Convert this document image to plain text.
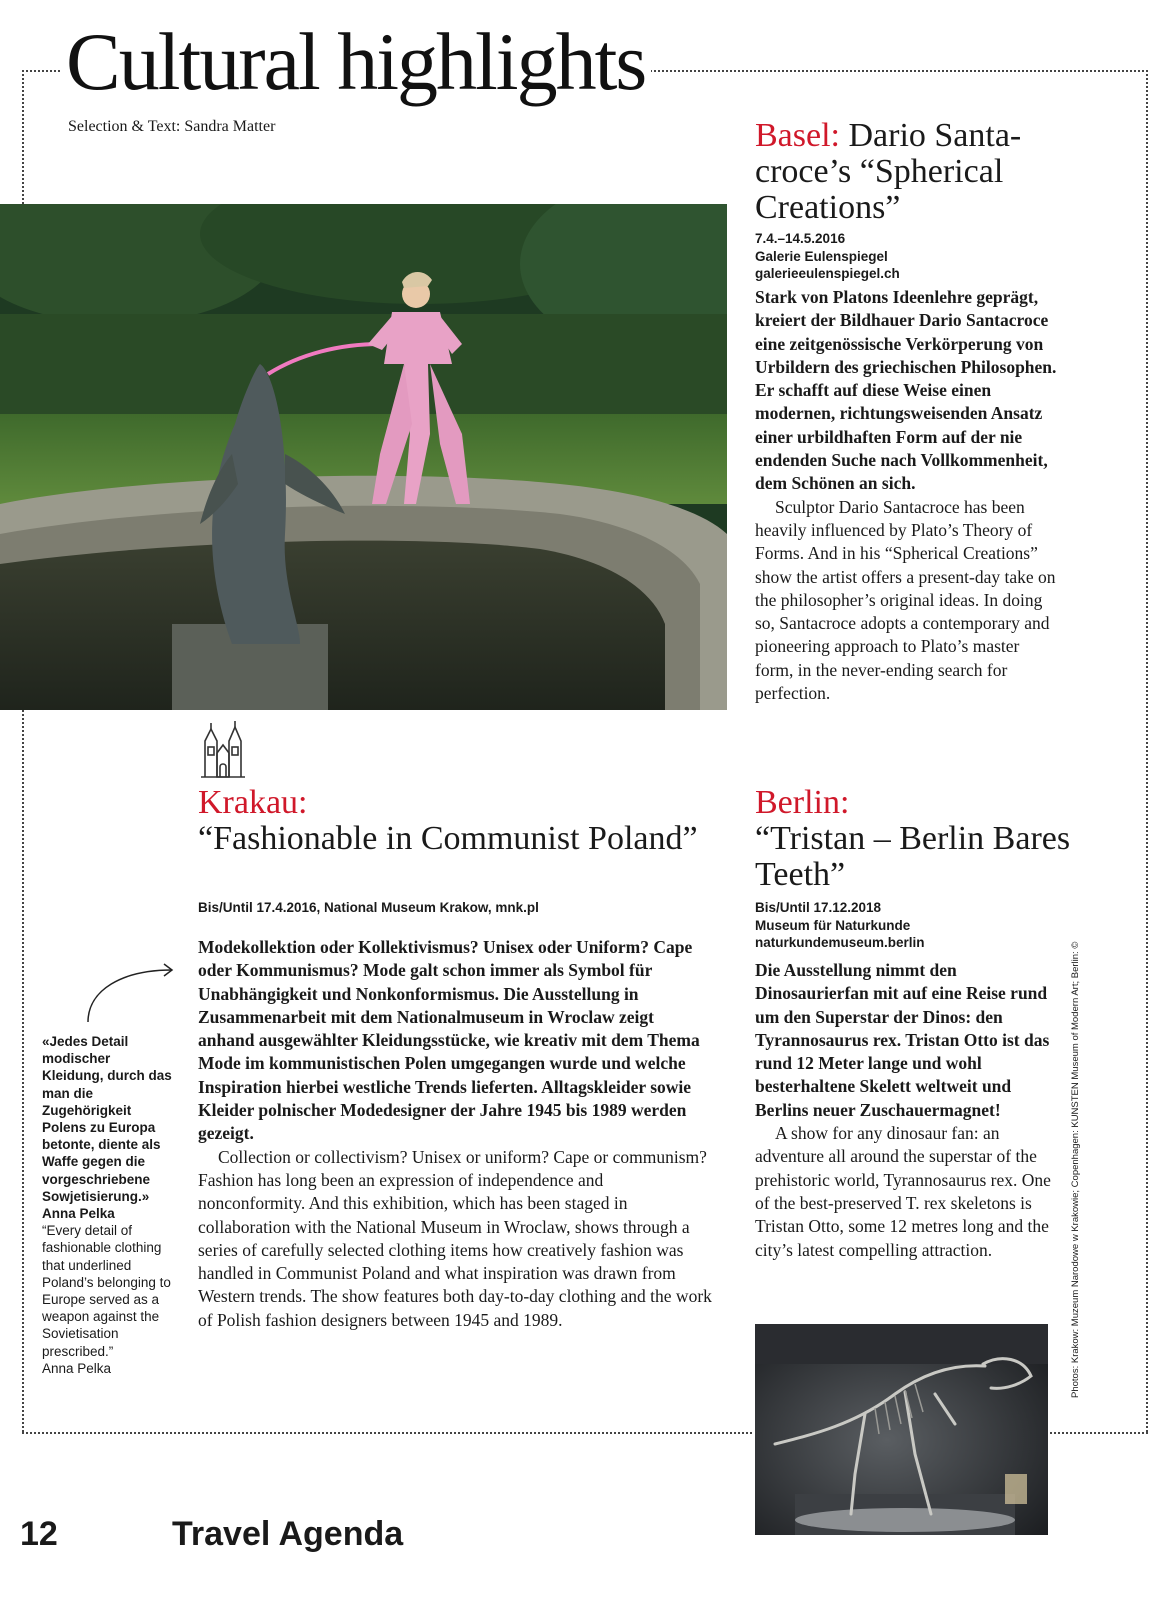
Cultural highlights
Selection & Text: Sandra Matter	Basel: Dario Santa-croce’s “Spherical Creations”
7.4.–14.5.2016
Galerie Eulenspiegel
galerieeulenspiegel.ch

Stark von Platons Ideenlehre geprägt, kreiert der Bildhauer Dario Santacroce eine zeitgenössische Verkörperung von Urbildern des griechischen Philosophen. Er schafft auf diese Weise einen modernen, richtungsweisenden Ansatz einer urbildhaften Form auf der nie endenden Suche nach Vollkommenheit, dem Schönen an sich.

Sculptor Dario Santacroce has been heavily influenced by Plato’s Theory of Forms. And in his “Spherical Creations” show the artist offers a present-day take on the philosopher’s original ideas. In doing so, Santacroce adopts a contemporary and pioneering approach to Plato’s master form, in the never-ending search for perfection.

Krakau:
“Fashionable in Communist Poland”
Bis/Until 17.4.2016, National Museum Krakow, mnk.pl

Modekollektion oder Kollektivismus? Unisex oder Uniform? Cape oder Kommunismus? Mode galt schon immer als Symbol für Unabhängigkeit und Nonkonformismus. Die Ausstellung in Zusammenarbeit mit dem Nationalmuseum in Wroclaw zeigt anhand ausgewählter Kleidungsstücke, wie kreativ mit dem Thema Mode im kommunistischen Polen umgegangen wurde und welche Inspiration hierbei westliche Trends lieferten. Alltagskleider sowie Kleider polnischer Modedesigner der Jahre 1945 bis 1989 werden gezeigt.

Collection or collectivism? Unisex or uniform? Cape or communism? Fashion has long been an expression of independence and nonconformity. And this exhibition, which has been staged in collaboration with the National Museum in Wroclaw, shows through a series of carefully selected clothing items how creatively fashion was handled in Communist Poland and what inspiration was drawn from Western trends. The show features both day-to-day clothing and the work of Polish fashion designers between 1945 and 1989.

«Jedes Detail modischer Kleidung, durch das man die Zugehörigkeit Polens zu Europa betonte, diente als Waffe gegen die vorgeschriebene Sowjetisierung.»

Anna Pelka

“Every detail of fashionable clothing that underlined Poland’s belonging to Europe served as a weapon against the Sovietisation prescribed.”

Anna Pelka

Berlin:
“Tristan – Berlin Bares Teeth”
Bis/Until 17.12.2018
Museum für Naturkunde
naturkundemuseum.berlin

Die Ausstellung nimmt den Dinosaurierfan mit auf eine Reise rund um den Superstar der Dinos: den Tyrannosaurus rex. Tristan Otto ist das rund 12 Meter lange und wohl besterhaltene Skelett weltweit und Berlins neuer Zuschauermagnet!

A show for any dinosaur fan: an adventure all around the superstar of the prehistoric world, Tyrannosaurus rex. One of the best-preserved T. rex skeletons is Tristan Otto, some 12 metres long and the city’s latest compelling attraction.	Photos: Krakow: Muzeum Narodowe w Krakowie; Copenhagen: KUNSTEN Museum of Modern Art; Berlin: ©
12	Travel Agenda
